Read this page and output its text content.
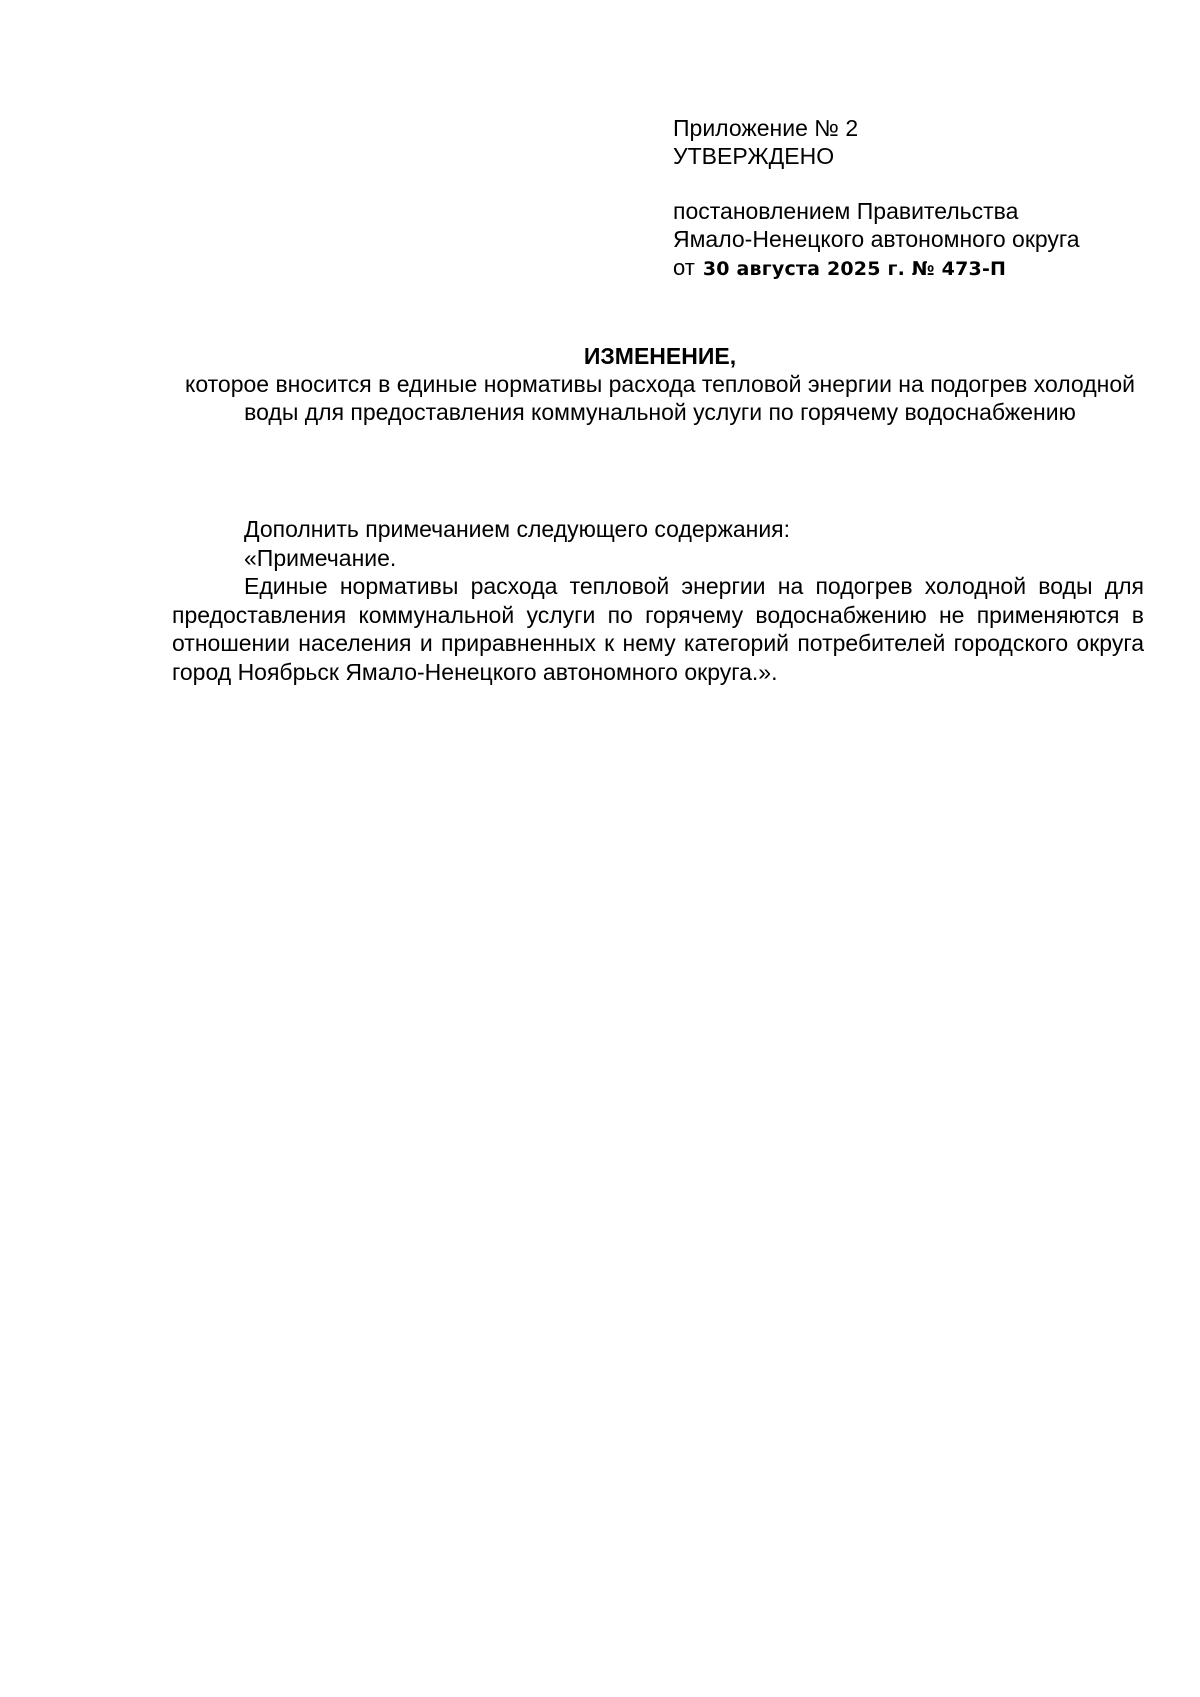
Приложение № 2
УТВЕРЖДЕНО
постановлением Правительства
Ямало-Ненецкого автономного округа
от 30 августа 2025 г. № 473-П
ИЗМЕНЕНИЕ,
которое вносится в единые нормативы расхода тепловой энергии на подогрев холодной воды для предоставления коммунальной услуги по горячему водоснабжению

Дополнить примечанием следующего содержания:

«Примечание.

Единые нормативы расхода тепловой энергии на подогрев холодной воды для предоставления коммунальной услуги по горячему водоснабжению не применяются в отношении населения и приравненных к нему категорий потребителей городского округа город Ноябрьск Ямало-Ненецкого автономного округа.».
